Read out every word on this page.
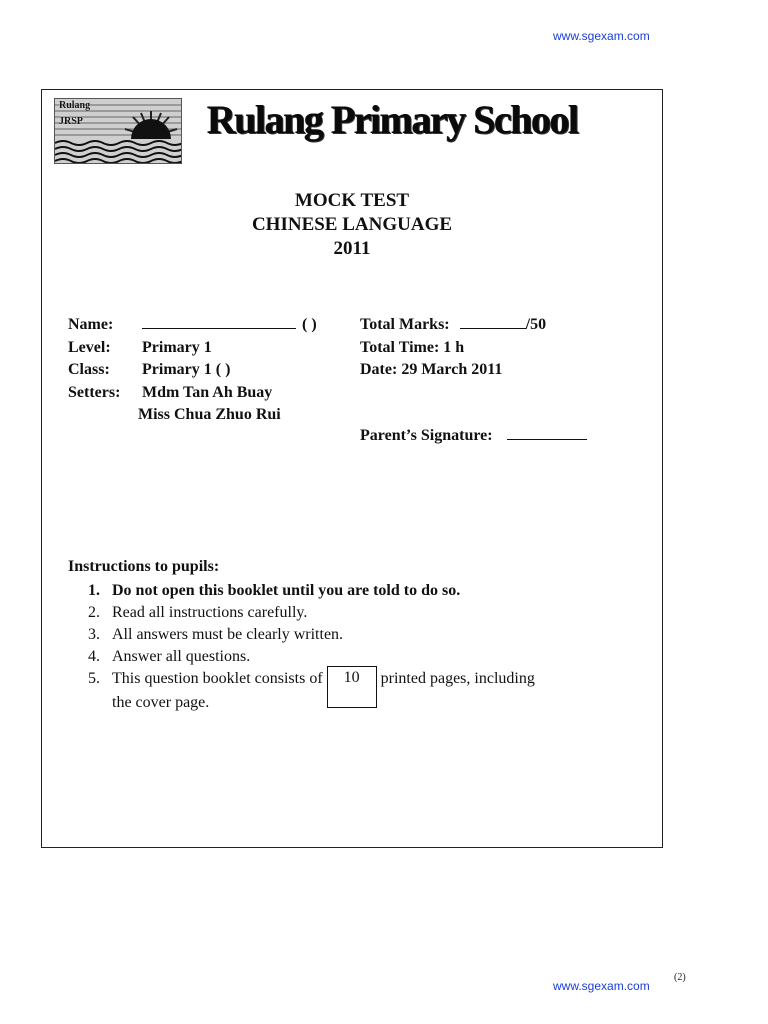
www.sgexam.com
Rulang
JRSP	Rulang Primary School
MOCK TEST
CHINESE LANGUAGE
2011
Name:	( )
Level: Primary 1
Class: Primary 1 ( )
Setters: Mdm Tan Ah Buay
Miss Chua Zhuo Rui
Total Marks:	/50
Total Time: 1 h
Date: 29 March 2011
Parent’s Signature:
Instructions to pupils:
1. Do not open this booklet until you are told to do so.
2. Read all instructions carefully.
3. All answers must be clearly written.
4. Answer all questions.
5. This question booklet consists of 10 printed pages, including
the cover page.
www.sgexam.com
(2)
